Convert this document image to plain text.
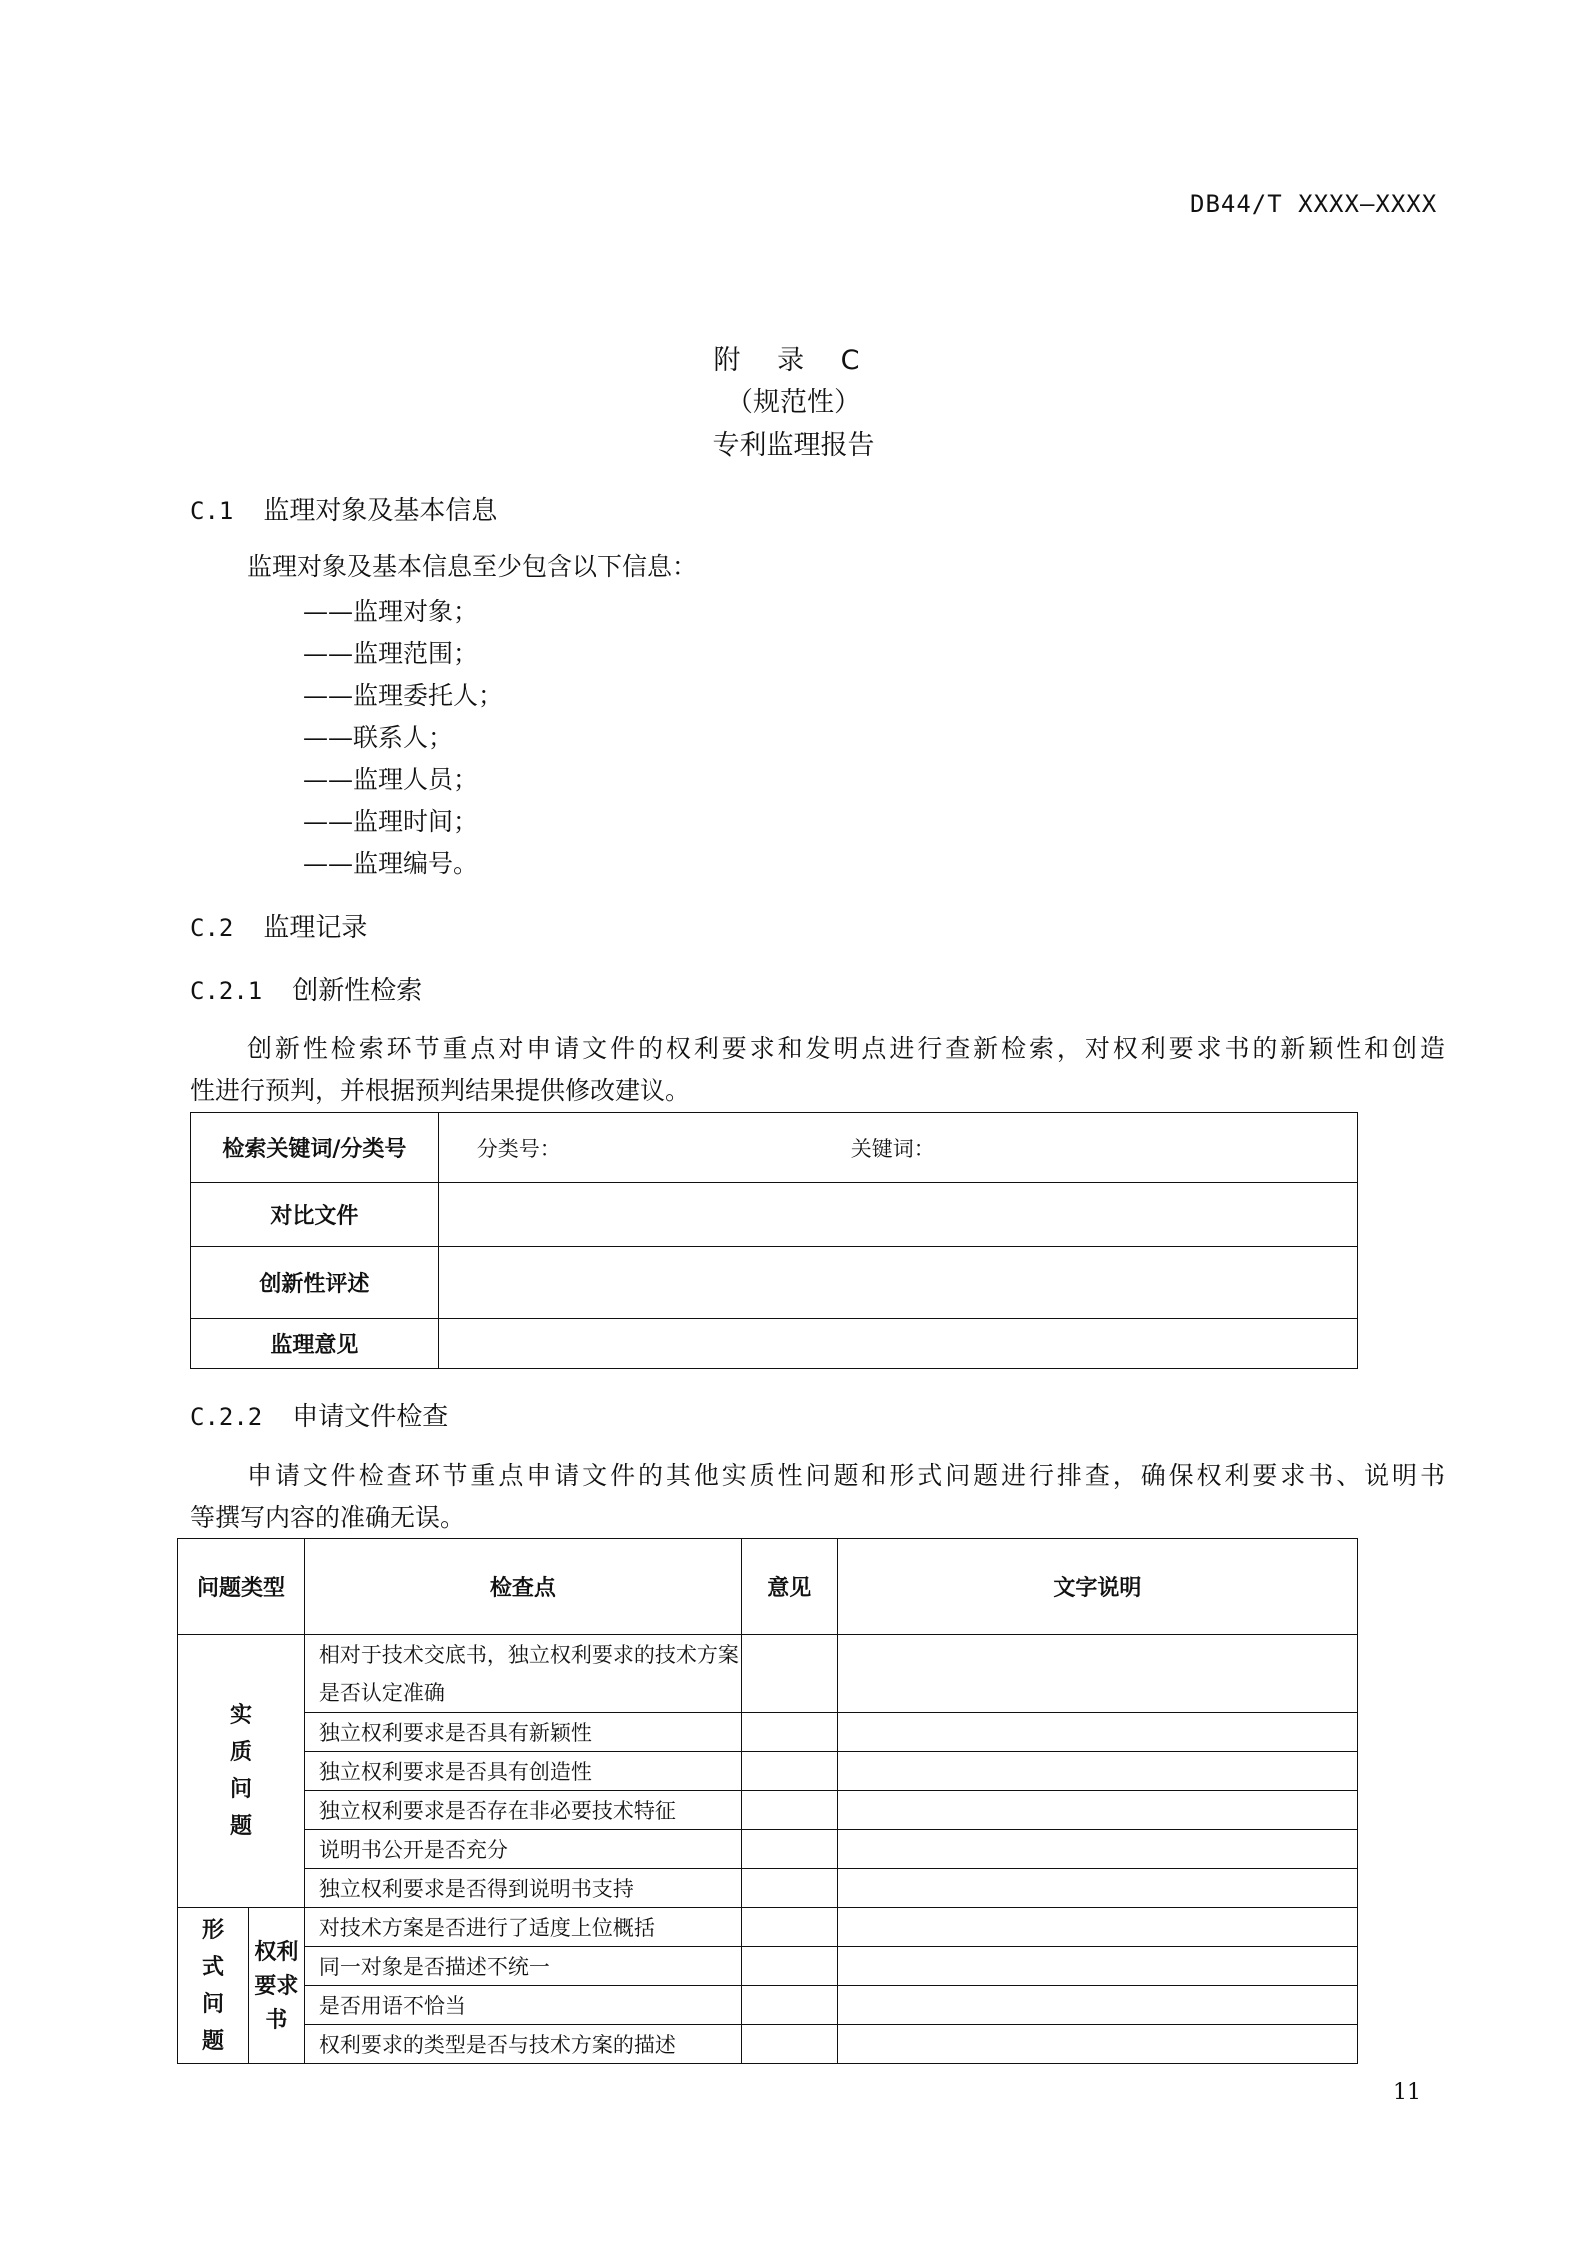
DB44/T XXXX—XXXX
附 录 C
（规范性）
专利监理报告
C.1 监理对象及基本信息
监理对象及基本信息至少包含以下信息：
——监理对象；
——监理范围；
——监理委托人；
——联系人；
——监理人员；
——监理时间；
——监理编号。
C.2 监理记录
C.2.1 创新性检索
创新性检索环节重点对申请文件的权利要求和发明点进行查新检索，对权利要求书的新颖性和创造
性进行预判，并根据预判结果提供修改建议。
检索关键词/分类号	分类号： 关键词：
对比文件	
创新性评述	
监理意见	
C.2.2 申请文件检查
申请文件检查环节重点申请文件的其他实质性问题和形式问题进行排查，确保权利要求书、说明书
等撰写内容的准确无误。
问题类型		检查点	意见	文字说明

实质问题		相对于技术交底书，独立权利要求的技术方案是否认定准确		
		独立权利要求是否具有新颖性		
		独立权利要求是否具有创造性		
		独立权利要求是否存在非必要技术特征		
		说明书公开是否充分		
		独立权利要求是否得到说明书支持		

形式问题	权利要求书	对技术方案是否进行了适度上位概括		
		同一对象是否描述不统一		
		是否用语不恰当		
		权利要求的类型是否与技术方案的描述		
11
